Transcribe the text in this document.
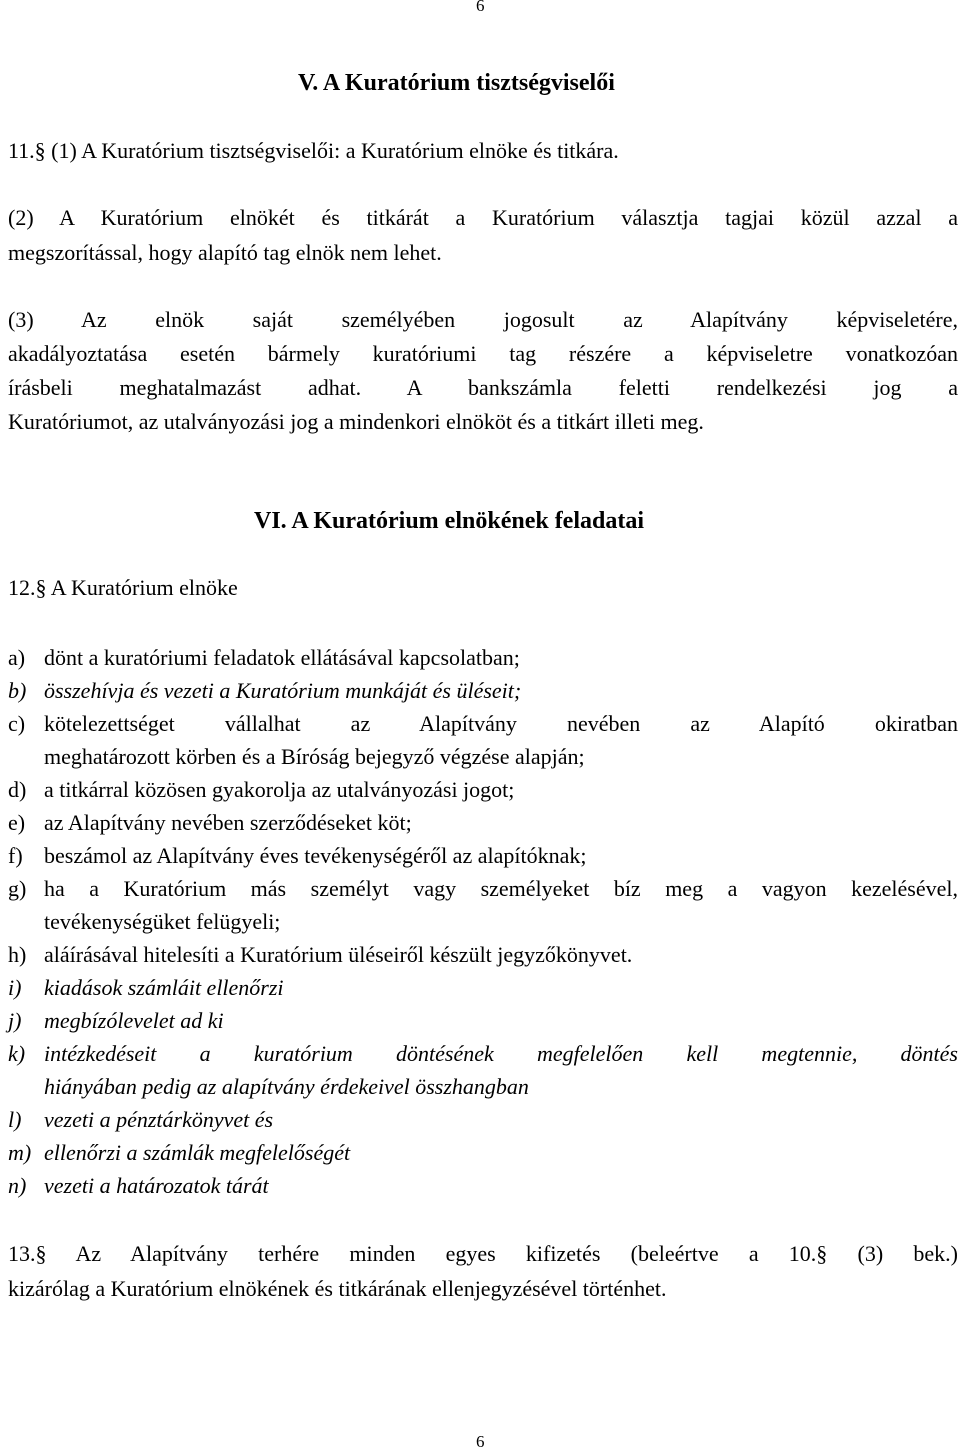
6
V. A Kuratórium tisztségviselői
11.§ (1) A Kuratórium tisztségviselői: a Kuratórium elnöke és titkára.
(2) A Kuratórium elnökét és titkárát a Kuratórium választja tagjai közül azzal a
megszorítással, hogy alapító tag elnök nem lehet.
(3) Az elnök saját személyében jogosult az Alapítvány képviseletére,
akadályoztatása esetén bármely kuratóriumi tag részére a képviseletre vonatkozóan
írásbeli meghatalmazást adhat. A bankszámla feletti rendelkezési jog a
Kuratóriumot, az utalványozási jog a mindenkori elnököt és a titkárt illeti meg.
VI. A Kuratórium elnökének feladatai
12.§ A Kuratórium elnöke
a) dönt a kuratóriumi feladatok ellátásával kapcsolatban;
b) összehívja és vezeti a Kuratórium munkáját és üléseit;
c) kötelezettséget vállalhat az Alapítvány nevében az Alapító okiratban
meghatározott körben és a Bíróság bejegyző végzése alapján;
d) a titkárral közösen gyakorolja az utalványozási jogot;
e) az Alapítvány nevében szerződéseket köt;
f) beszámol az Alapítvány éves tevékenységéről az alapítóknak;
g) ha a Kuratórium más személyt vagy személyeket bíz meg a vagyon kezelésével,
tevékenységüket felügyeli;
h) aláírásával hitelesíti a Kuratórium üléseiről készült jegyzőkönyvet.
i) kiadások számláit ellenőrzi
j) megbízólevelet ad ki
k) intézkedéseit a kuratórium döntésének megfelelően kell megtennie, döntés
hiányában pedig az alapítvány érdekeivel összhangban
l) vezeti a pénztárkönyvet és
m) ellenőrzi a számlák megfelelőségét
n) vezeti a határozatok tárát
13.§ Az Alapítvány terhére minden egyes kifizetés (beleértve a 10.§ (3) bek.)
kizárólag a Kuratórium elnökének és titkárának ellenjegyzésével történhet.
6
